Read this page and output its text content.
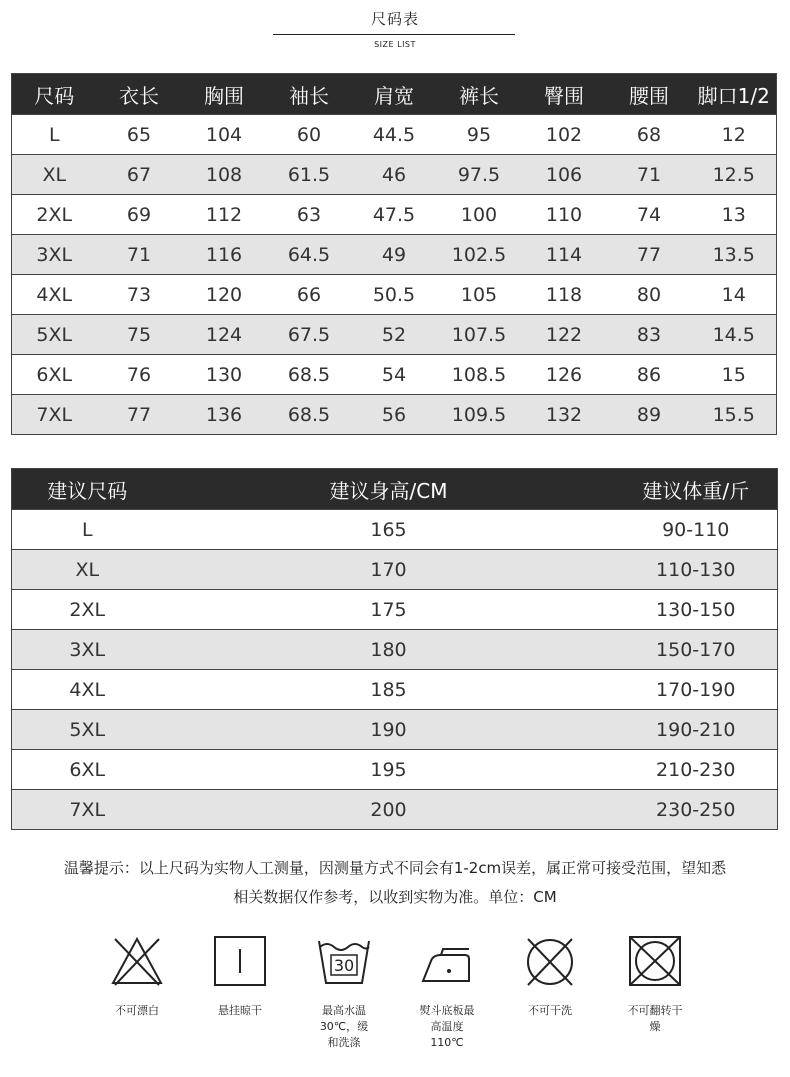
尺码表
SIZE LIST
尺码	衣长	胸围	袖长	肩宽	裤长	臀围	腰围	脚口1/2
L	65	104	60	44.5	95	102	68	12
XL	67	108	61.5	46	97.5	106	71	12.5
2XL	69	112	63	47.5	100	110	74	13
3XL	71	116	64.5	49	102.5	114	77	13.5
4XL	73	120	66	50.5	105	118	80	14
5XL	75	124	67.5	52	107.5	122	83	14.5
6XL	76	130	68.5	54	108.5	126	86	15
7XL	77	136	68.5	56	109.5	132	89	15.5
建议尺码	建议身高/CM	建议体重/斤
L	165	90-110
XL	170	110-130
2XL	175	130-150
3XL	180	150-170
4XL	185	170-190
5XL	190	190-210
6XL	195	210-230
7XL	200	230-250
温馨提示：以上尺码为实物人工测量，因测量方式不同会有1-2cm误差，属正常可接受范围，望知悉
相关数据仅作参考，以收到实物为准。单位：CM
不可漂白	悬挂晾干
30
最高水温
30℃，缓
和洗涤
熨斗底板最
高温度
110℃
不可干洗	不可翻转干
燥
